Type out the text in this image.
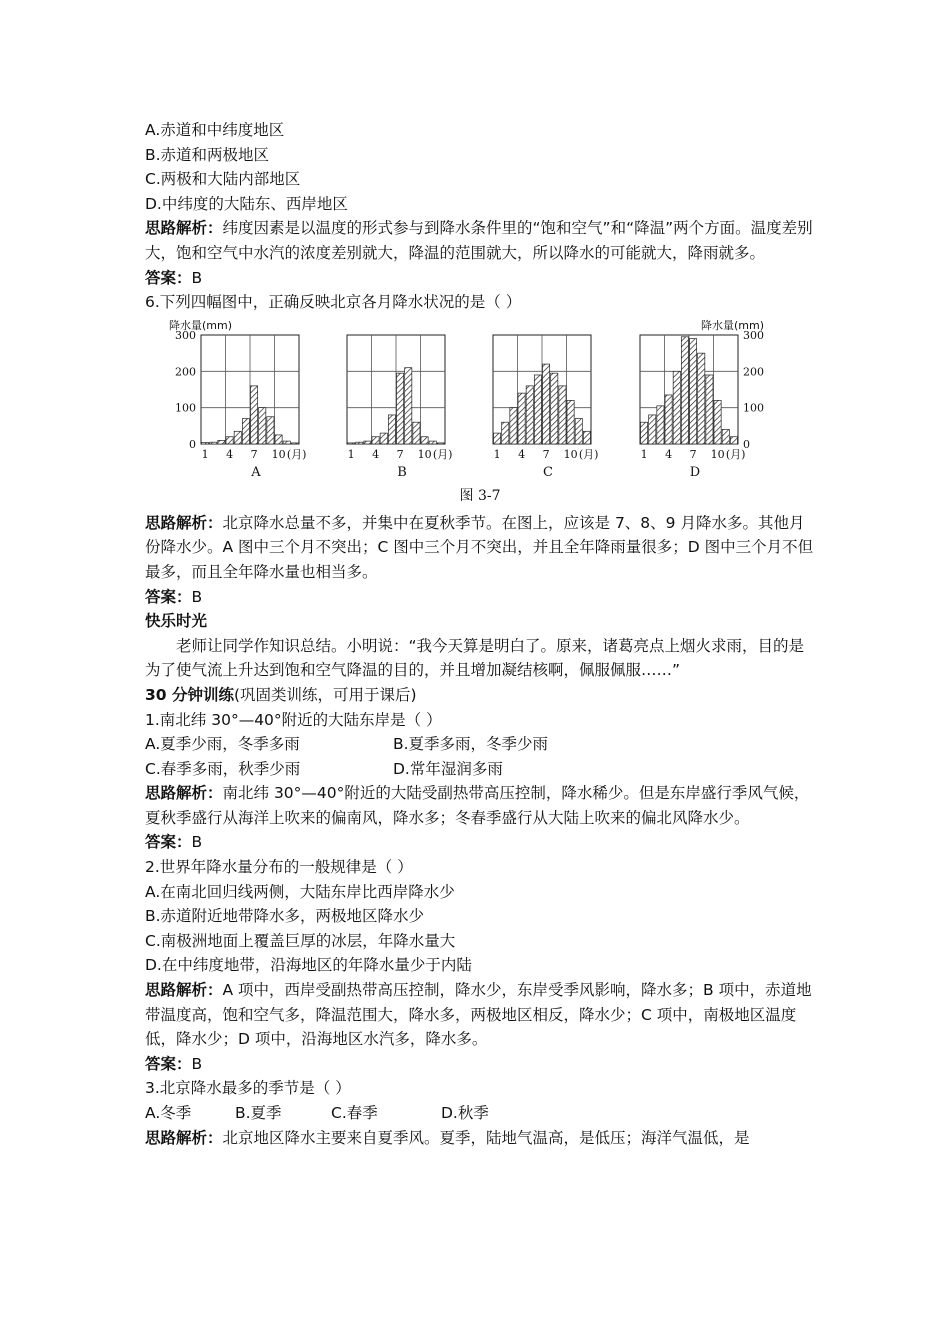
A.赤道和中纬度地区
B.赤道和两极地区
C.两极和大陆内部地区
D.中纬度的大陆东、西岸地区
思路解析：纬度因素是以温度的形式参与到降水条件里的“饱和空气”和“降温”两个方面。温度差别大，饱和空气中水汽的浓度差别就大，降温的范围就大，所以降水的可能就大，降雨就多。
答案：B
6.下列四幅图中，正确反映北京各月降水状况的是（ ）
1 4 7 10 (月)
A
0
100
200
300
降水量(mm)
1 4 7 10 (月)
B
1 4 7 10 (月)
C
1 4 7 10 (月)
D
0
100
200
300
降水量(mm)
图 3-7
思路解析：北京降水总量不多，并集中在夏秋季节。在图上，应该是 7、8、9 月降水多。其他月份降水少。A 图中三个月不突出；C 图中三个月不突出，并且全年降雨量很多；D 图中三个月不但最多，而且全年降水量也相当多。
答案：B
快乐时光
老师让同学作知识总结。小明说：“我今天算是明白了。原来，诸葛亮点上烟火求雨，目的是为了使气流上升达到饱和空气降温的目的，并且增加凝结核啊，佩服佩服……”
30 分钟训练(巩固类训练，可用于课后)
1.南北纬 30°—40°附近的大陆东岸是（ ）
A.夏季少雨，冬季多雨	B.夏季多雨，冬季少雨
C.春季多雨，秋季少雨	D.常年湿润多雨
思路解析：南北纬 30°—40°附近的大陆受副热带高压控制，降水稀少。但是东岸盛行季风气候，夏秋季盛行从海洋上吹来的偏南风，降水多；冬春季盛行从大陆上吹来的偏北风降水少。
答案：B
2.世界年降水量分布的一般规律是（ ）
A.在南北回归线两侧，大陆东岸比西岸降水少
B.赤道附近地带降水多，两极地区降水少
C.南极洲地面上覆盖巨厚的冰层，年降水量大
D.在中纬度地带，沿海地区的年降水量少于内陆
思路解析：A 项中，西岸受副热带高压控制，降水少，东岸受季风影响，降水多；B 项中，赤道地带温度高，饱和空气多，降温范围大，降水多，两极地区相反，降水少；C 项中，南极地区温度低，降水少；D 项中，沿海地区水汽多，降水多。
答案：B
3.北京降水最多的季节是（ ）
A.冬季	B.夏季	C.春季	D.秋季
思路解析：北京地区降水主要来自夏季风。夏季，陆地气温高，是低压；海洋气温低，是
